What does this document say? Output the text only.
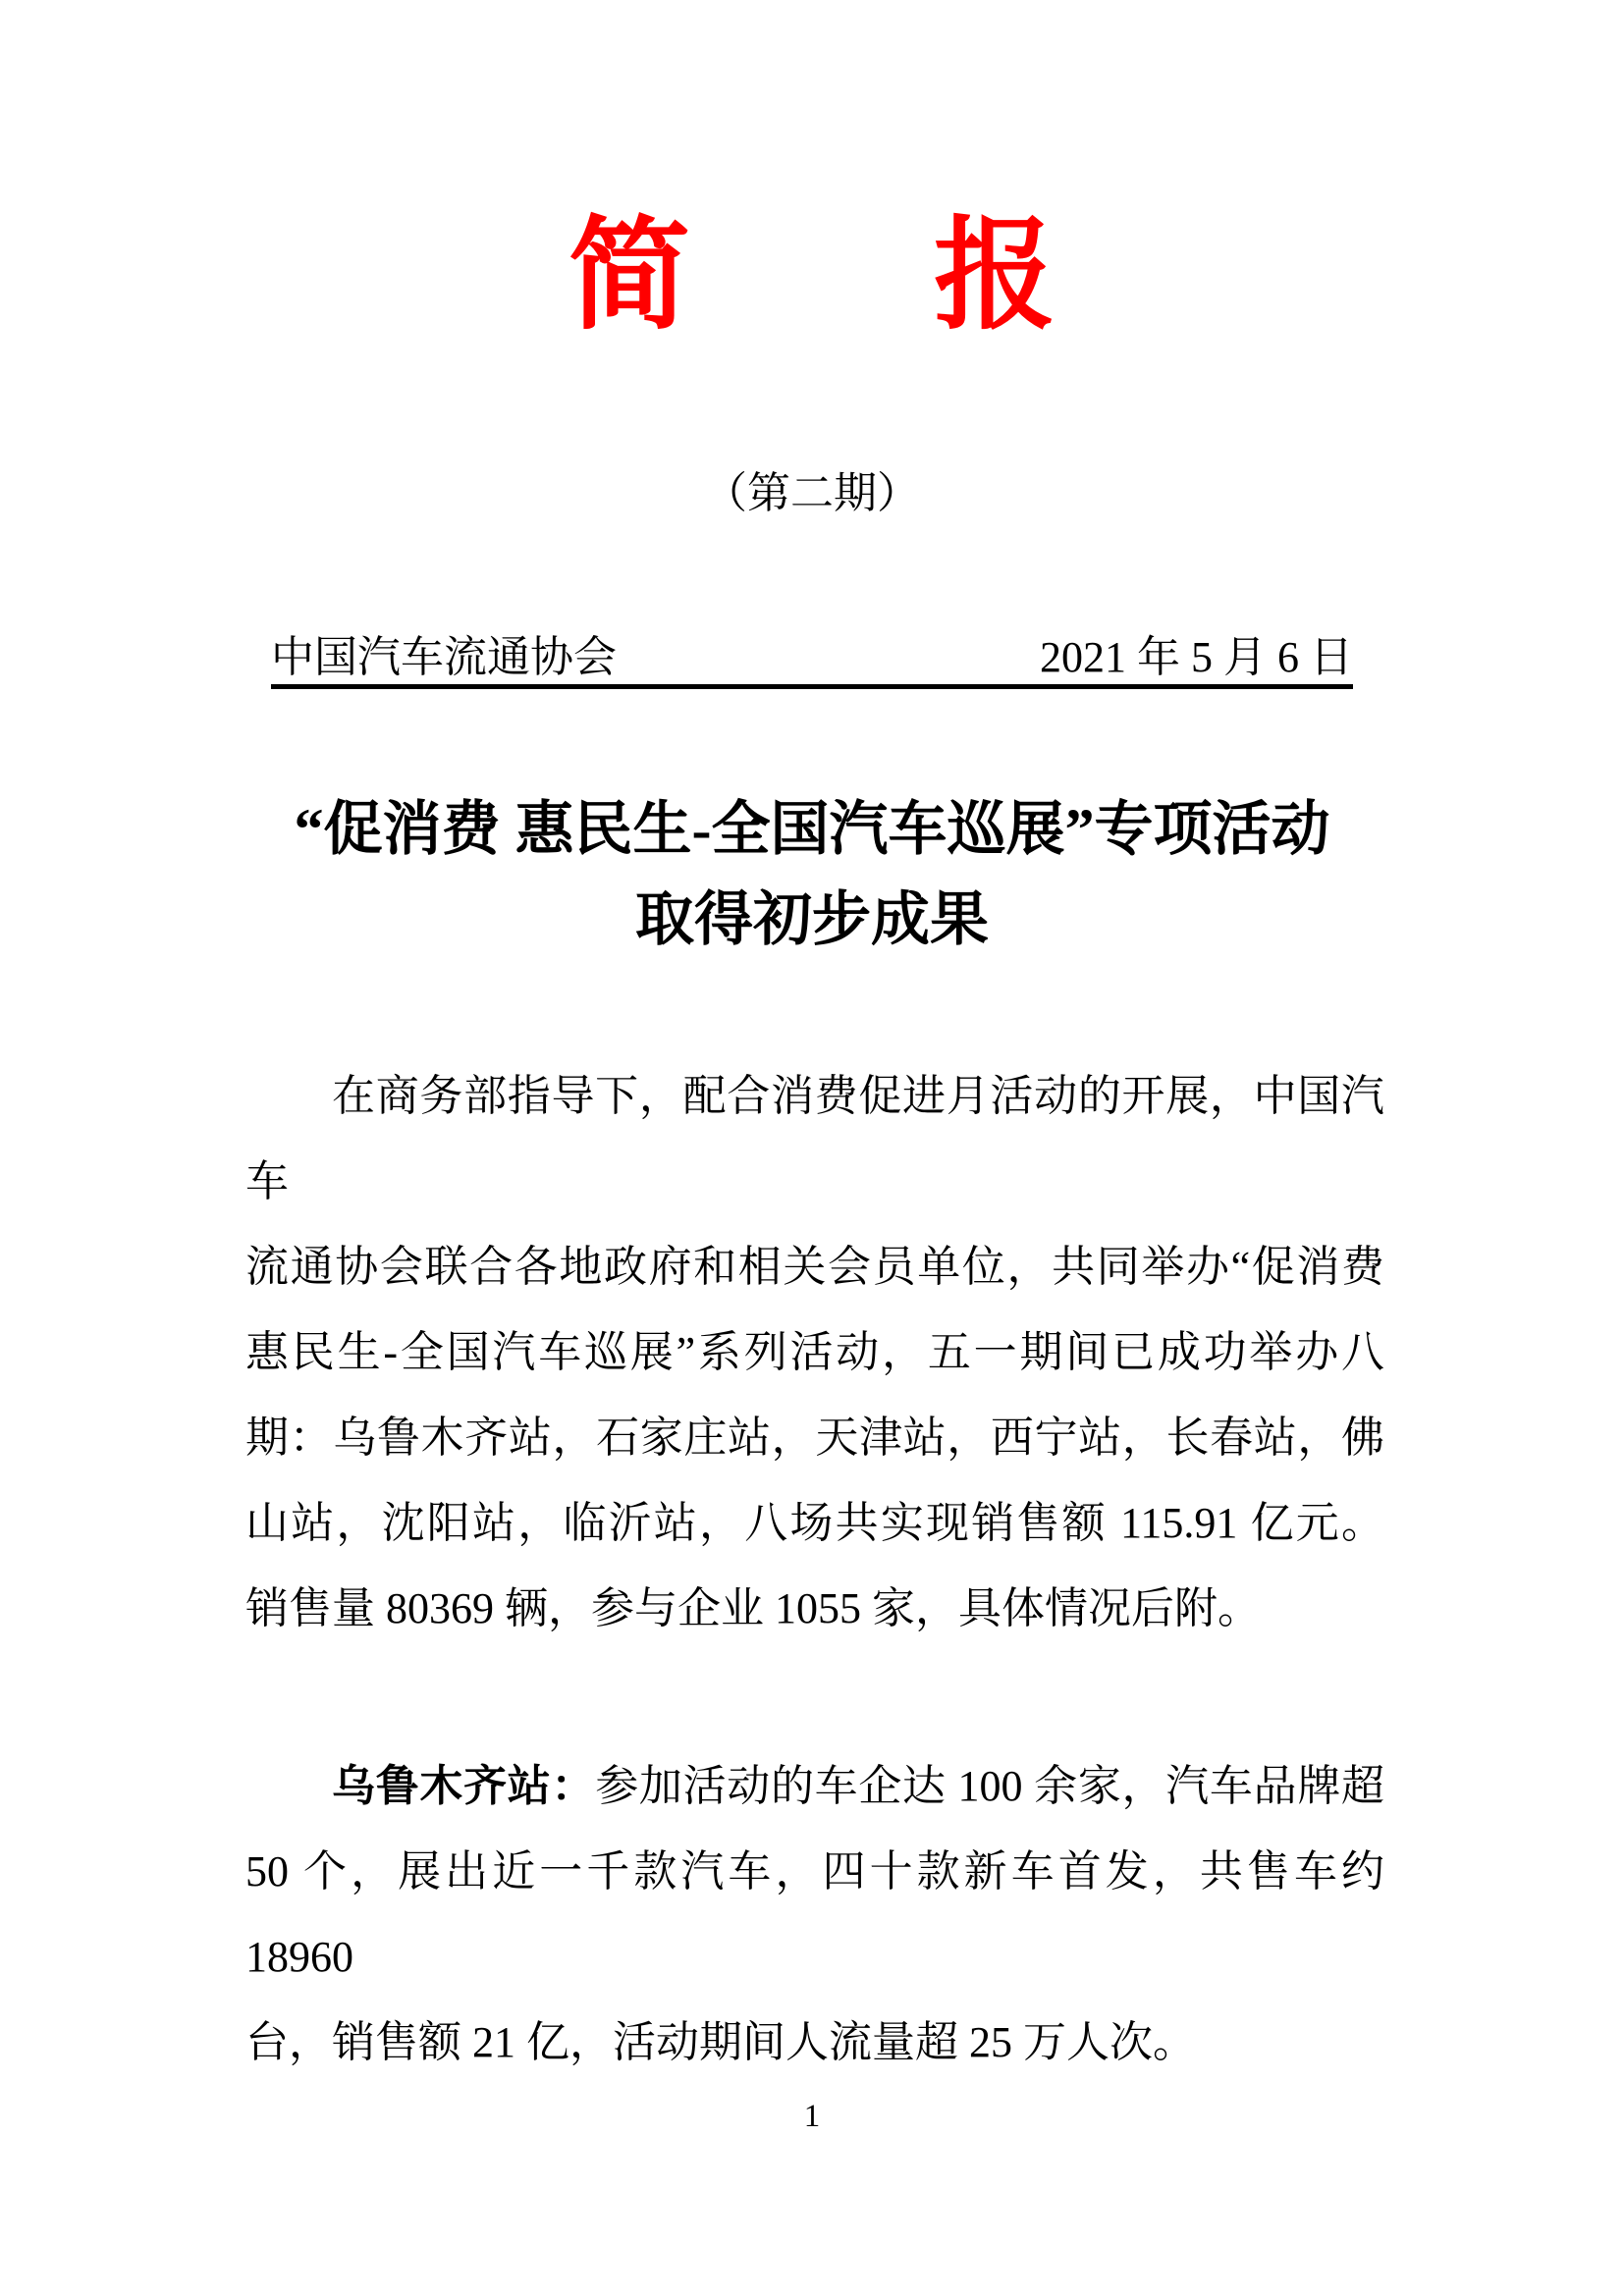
简　　报
（第二期）
中国汽车流通协会	2021 年 5 月 6 日
“促消费 惠民生-全国汽车巡展”专项活动
取得初步成果
在商务部指导下，配合消费促进月活动的开展，中国汽车
流通协会联合各地政府和相关会员单位，共同举办“促消费
惠民生-全国汽车巡展”系列活动，五一期间已成功举办八
期：乌鲁木齐站，石家庄站，天津站，西宁站，长春站，佛
山站，沈阳站，临沂站，八场共实现销售额 115.91 亿元。
销售量 80369 辆，参与企业 1055 家，具体情况后附。
乌鲁木齐站：参加活动的车企达 100 余家，汽车品牌超
50 个，展出近一千款汽车，四十款新车首发，共售车约 18960
台，销售额 21 亿，活动期间人流量超 25 万人次。
1
